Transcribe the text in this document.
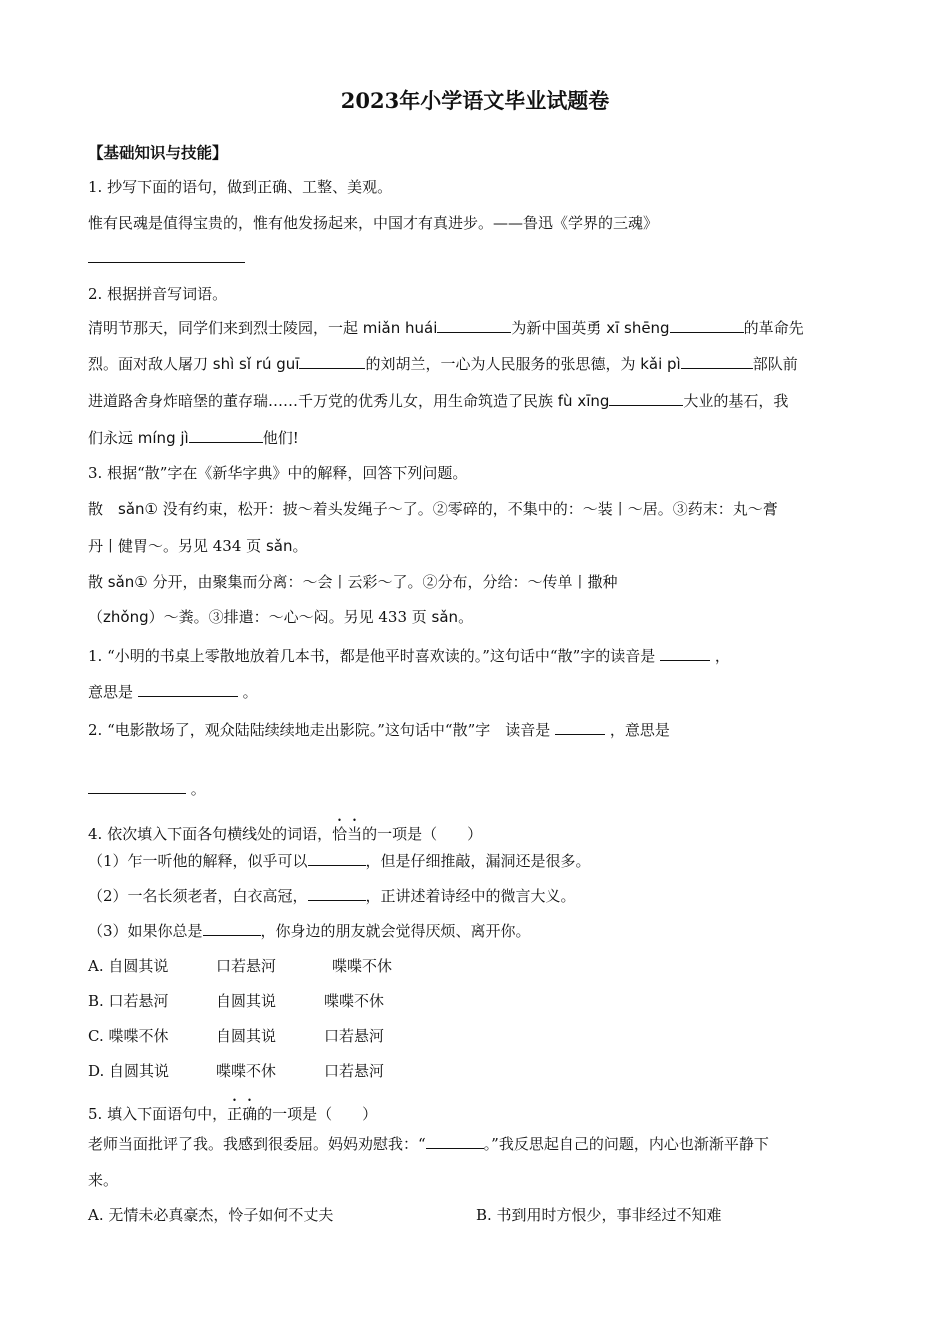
2023年小学语文毕业试题卷
【基础知识与技能】
1. 抄写下面的语句，做到正确、工整、美观。
惟有民魂是值得宝贵的，惟有他发扬起来，中国才有真进步。——鲁迅《学界的三魂》
2. 根据拼音写词语。
清明节那天，同学们来到烈士陵园，一起 miǎn huái	为新中国英勇 xī shēng	的革命先
烈。面对敌人屠刀 shì sǐ rú guī	的刘胡兰，一心为人民服务的张思德，为 kǎi pì	部队前
进道路舍身炸暗堡的董存瑞……千万党的优秀儿女，用生命筑造了民族 fù xīng	大业的基石，我
们永远 míng jì	他们!
3. 根据“散”字在《新华字典》中的解释，回答下列问题。
散　sǎn① 没有约束，松开：披～着头发绳子～了。②零碎的，不集中的：～装丨～居。③药末：丸～膏
丹丨健胃～。另见 434 页 sǎn。
散 sǎn① 分开，由聚集而分离：～会丨云彩～了。②分布，分给：～传单丨撒种
（zhǒng）～粪。③排遣：～心～闷。另见 433 页 sǎn。
1. “小明的书桌上零散地放着几本书，都是他平时喜欢读的。”这句话中“散”字的读音是	，
意思是	。
2. “电影散场了，观众陆陆续续地走出影院。”这句话中“散”字　读音是	，意思是
。
4. 依次填入下面各句横线处的词语，恰当的一项是（　　）
（1）乍一听他的解释，似乎可以	，但是仔细推敲，漏洞还是很多。
（2）一名长须老者，白衣高冠，	，正讲述着诗经中的微言大义。
（3）如果你总是	，你身边的朋友就会觉得厌烦、离开你。
A. 自圆其说	口若悬河	喋喋不休
B. 口若悬河	自圆其说	喋喋不休
C. 喋喋不休	自圆其说	口若悬河
D. 自圆其说	喋喋不休	口若悬河
5. 填入下面语句中，正确的一项是（　　）
老师当面批评了我。我感到很委屈。妈妈劝慰我：“	。”我反思起自己的问题，内心也渐渐平静下
来。
A. 无情未必真豪杰，怜子如何不丈夫	B. 书到用时方恨少，事非经过不知难
